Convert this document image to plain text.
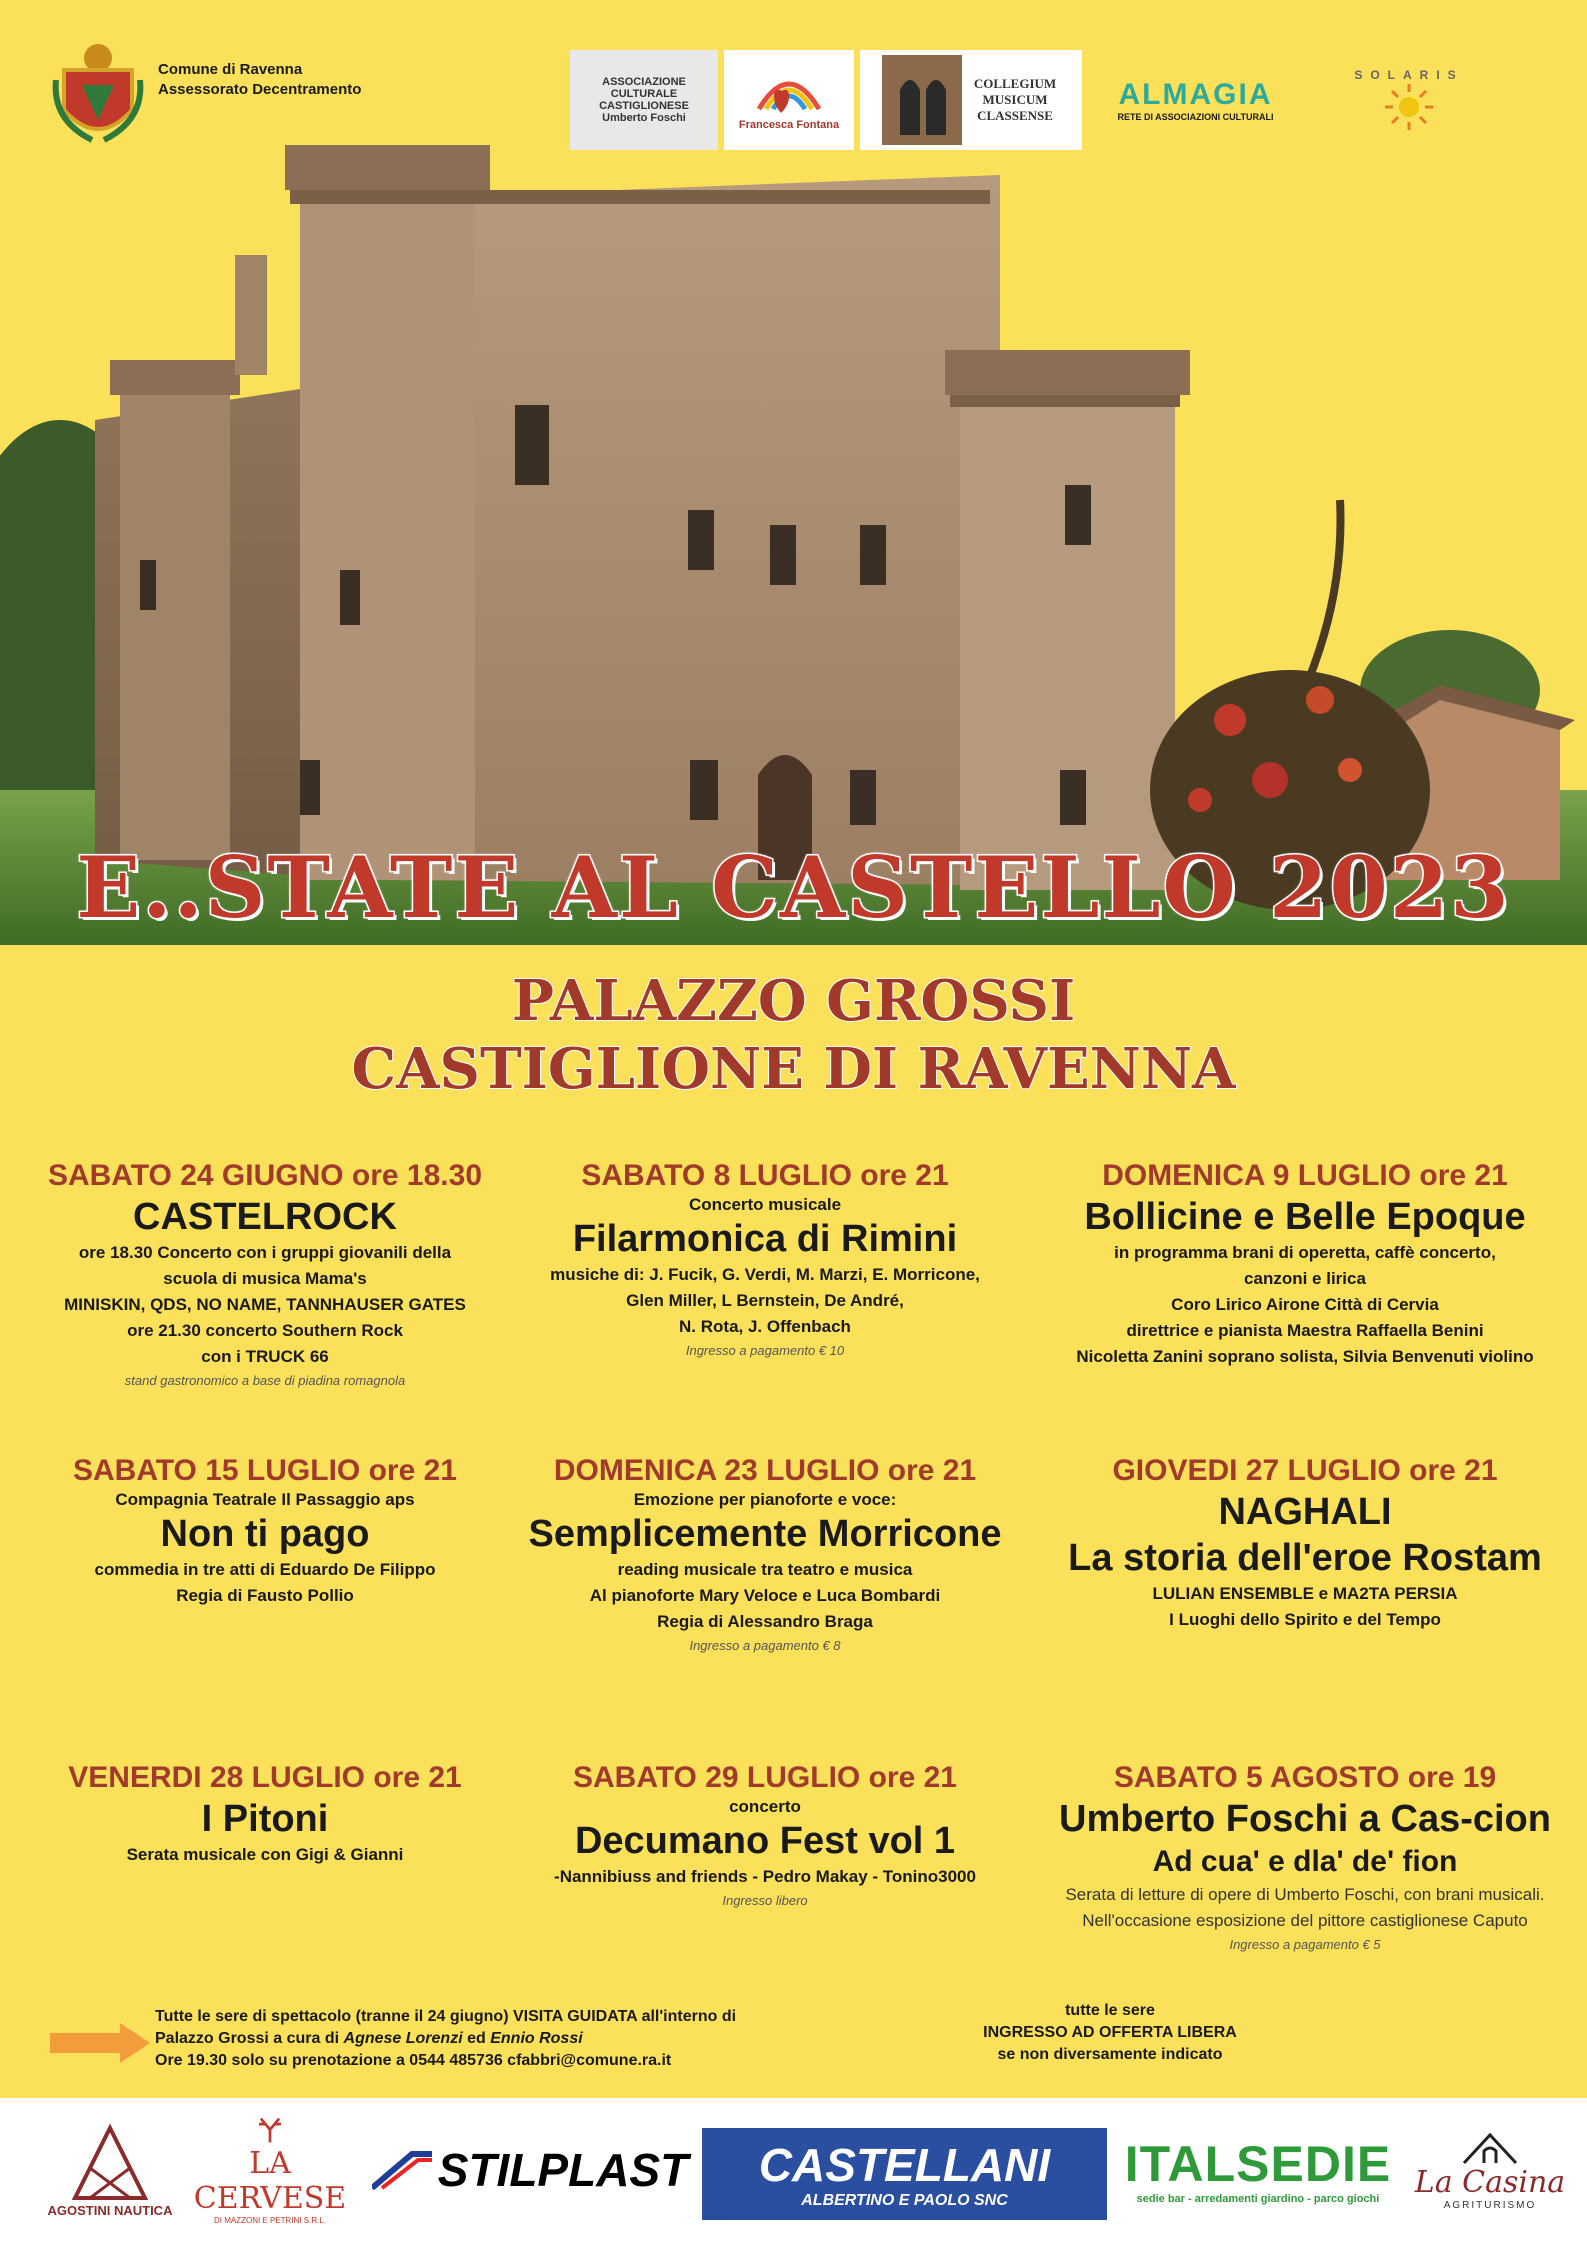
Comune di Ravenna
Assessorato Decentramento	ASSOCIAZIONE CULTURALE CASTIGLIONESE Umberto Foschi
Francesca Fontana
COLLEGIUM MUSICUM CLASSENSE
ALMAGIA
RETE DI ASSOCIAZIONI CULTURALI
SOLARIS
E..STATE AL CASTELLO 2023
PALAZZO GROSSI
CASTIGLIONE DI RAVENNA
SABATO 24 GIUGNO ore 18.30
CASTELROCK
ore 18.30 Concerto con i gruppi giovanili della
scuola di musica Mama's
MINISKIN, QDS, NO NAME, TANNHAUSER GATES
ore 21.30 concerto Southern Rock
con i TRUCK 66
stand gastronomico a base di piadina romagnola
SABATO 8 LUGLIO ore 21
Concerto musicale
Filarmonica di Rimini
musiche di: J. Fucik, G. Verdi, M. Marzi, E. Morricone,
Glen Miller, L Bernstein, De André,
N. Rota, J. Offenbach
Ingresso a pagamento € 10
DOMENICA 9 LUGLIO ore 21
Bollicine e Belle Epoque
in programma brani di operetta, caffè concerto,
canzoni e lirica
Coro Lirico Airone Città di Cervia
direttrice e pianista Maestra Raffaella Benini
Nicoletta Zanini soprano solista, Silvia Benvenuti violino
SABATO 15 LUGLIO ore 21
Compagnia Teatrale Il Passaggio aps
Non ti pago
commedia in tre atti di Eduardo De Filippo
Regia di Fausto Pollio
DOMENICA 23 LUGLIO ore 21
Emozione per pianoforte e voce:
Semplicemente Morricone
reading musicale tra teatro e musica
Al pianoforte Mary Veloce e Luca Bombardi
Regia di Alessandro Braga
Ingresso a pagamento € 8
GIOVEDI 27 LUGLIO ore 21
NAGHALI
La storia dell'eroe Rostam
LULIAN ENSEMBLE e MA2TA PERSIA
I Luoghi dello Spirito e del Tempo
VENERDI 28 LUGLIO ore 21
I Pitoni
Serata musicale con Gigi & Gianni
SABATO 29 LUGLIO ore 21
concerto
Decumano Fest vol 1
-Nannibiuss and friends - Pedro Makay - Tonino3000
Ingresso libero
SABATO 5 AGOSTO ore 19
Umberto Foschi a Cas-cion
Ad cua' e dla' de' fion
Serata di letture di opere di Umberto Foschi, con brani musicali.
Nell'occasione esposizione del pittore castiglionese Caputo
Ingresso a pagamento € 5
Tutte le sere di spettacolo (tranne il 24 giugno) VISITA GUIDATA all'interno di
Palazzo Grossi a cura di Agnese Lorenzi ed Ennio Rossi
Ore 19.30 solo su prenotazione a 0544 485736 cfabbri@comune.ra.it
tutte le sere
INGRESSO AD OFFERTA LIBERA
se non diversamente indicato
AGOSTINI NAUTICA
LA CERVESE
DI MAZZONI E PETRINI S.R.L.
STILPLAST CASTELLANI
ALBERTINO E PAOLO SNC
ITALSEDIE
sedie bar - arredamenti giardino - parco giochi La Casina
AGRITURISMO
